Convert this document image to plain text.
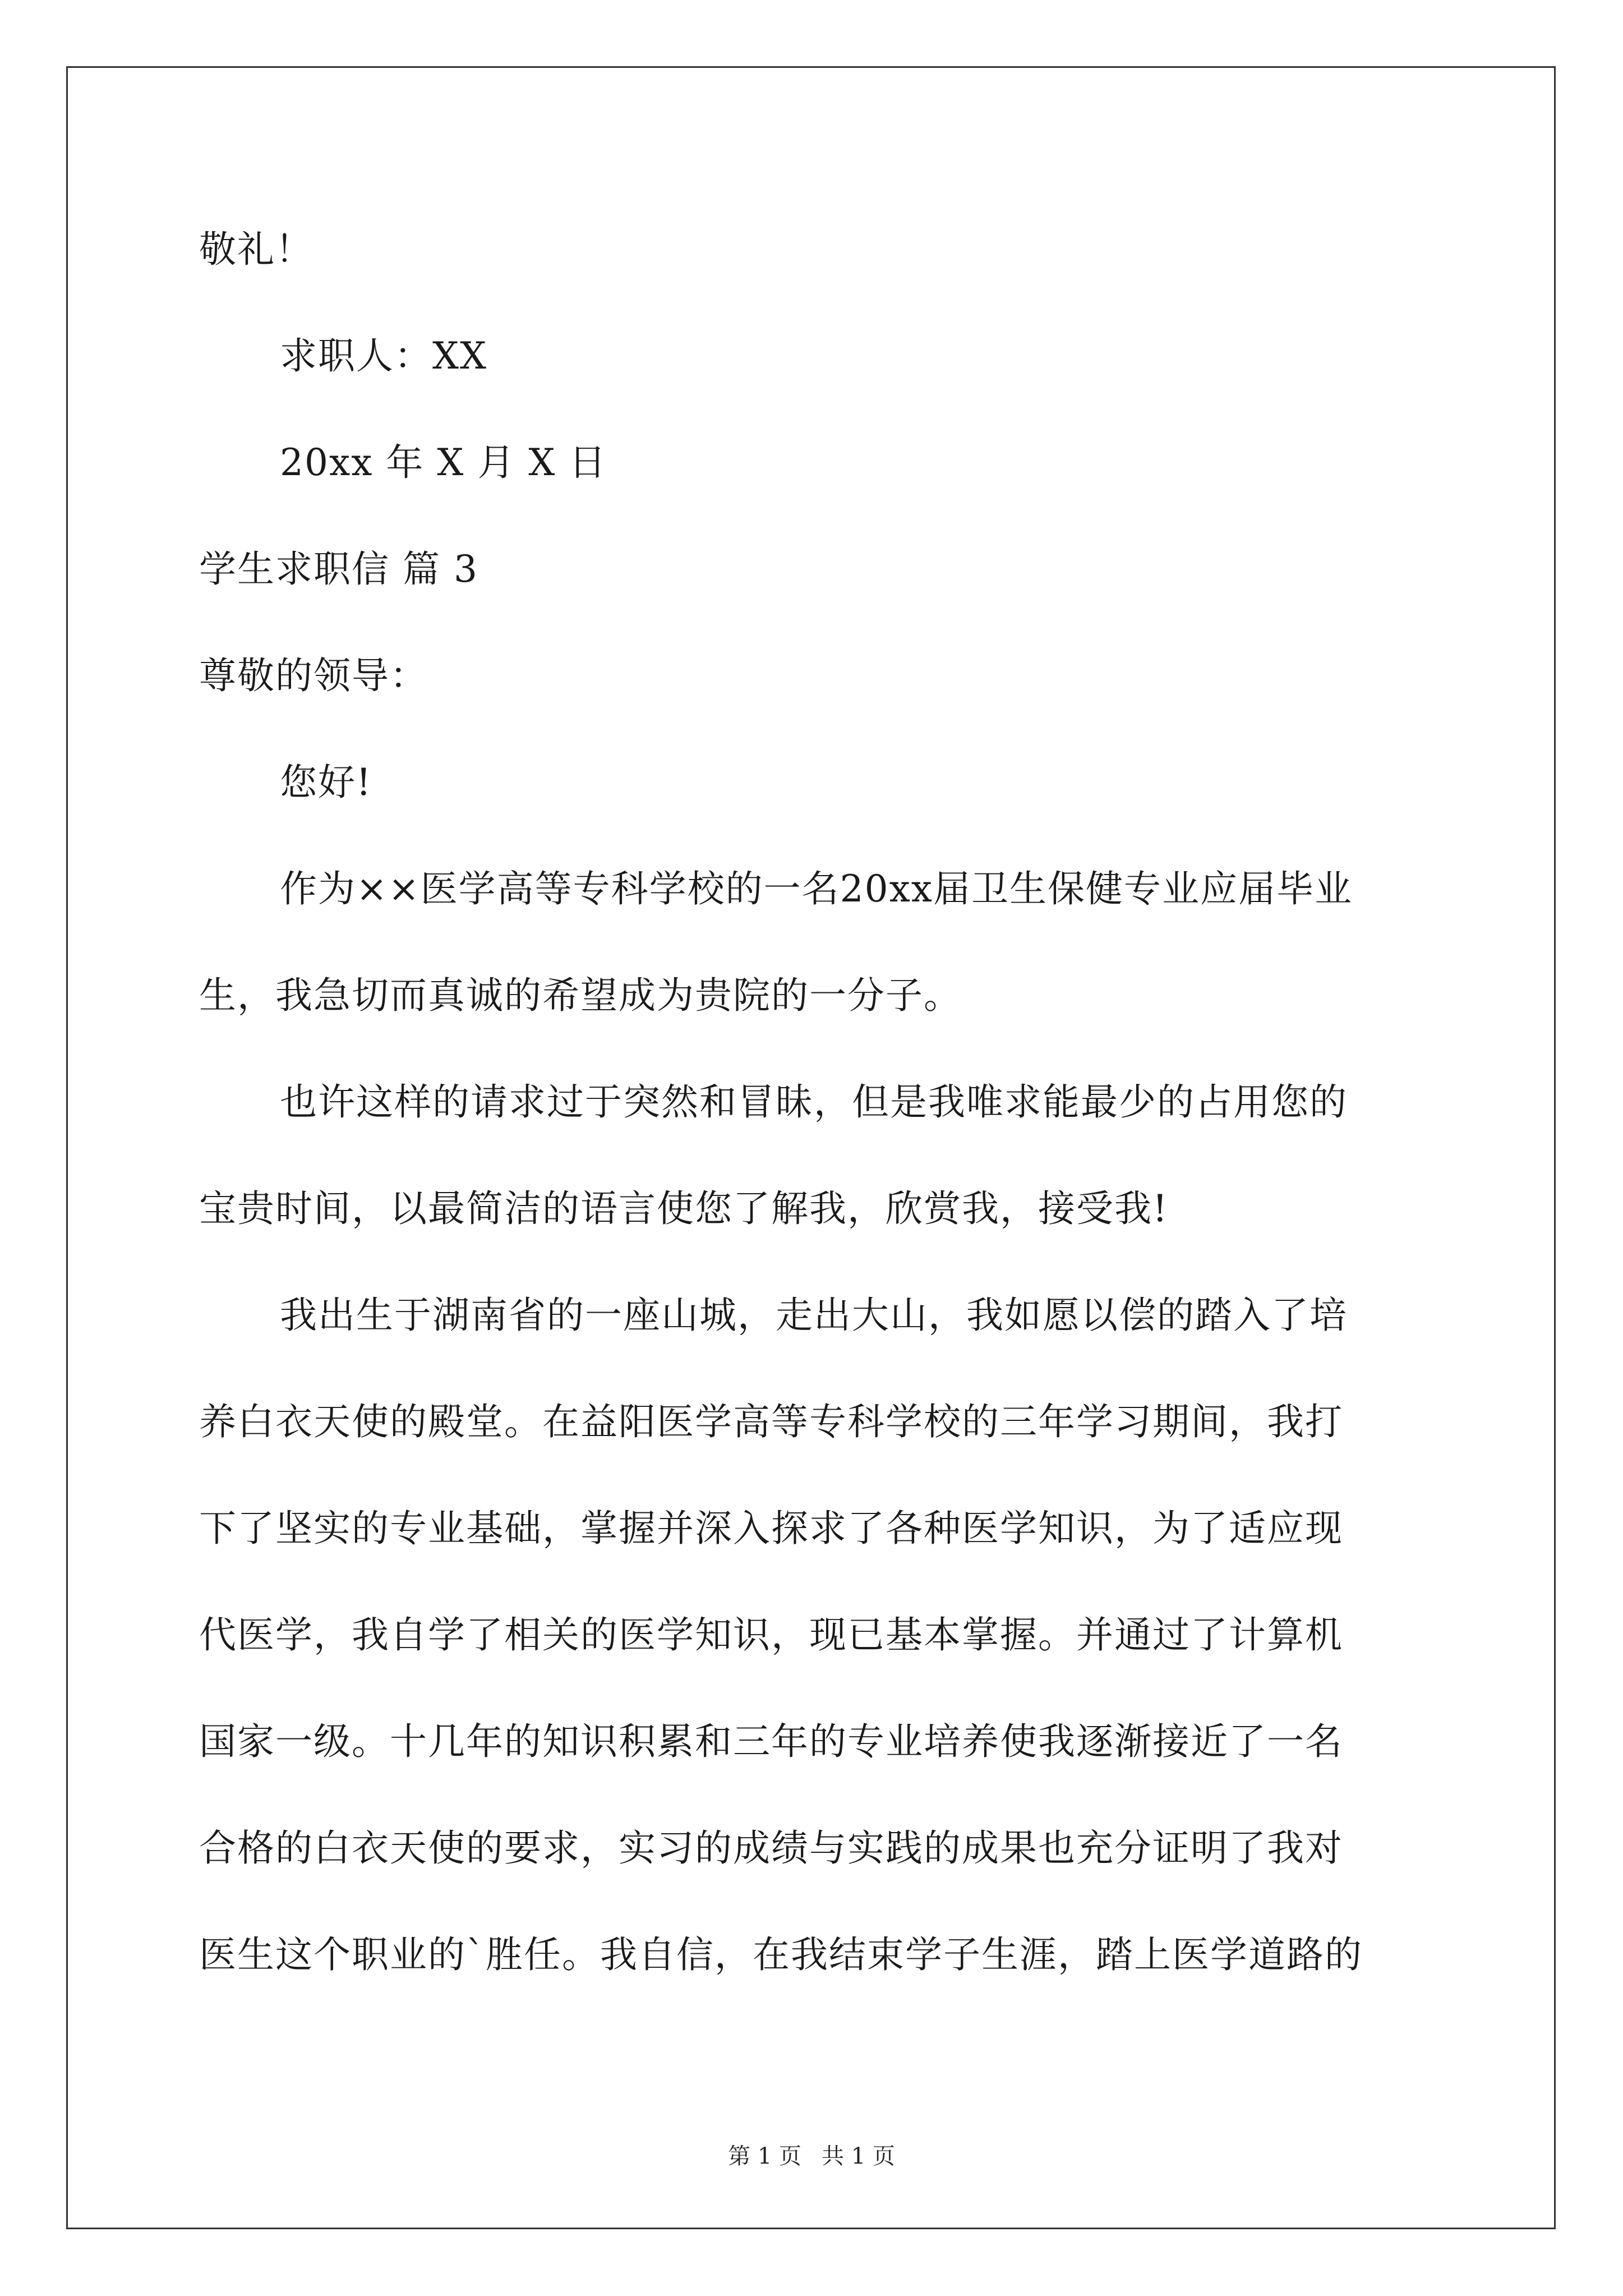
敬礼！
求职人：XX
20xx 年 X 月 X 日
学生求职信 篇 3
尊敬的领导：
您好!
作为××医学高等专科学校的一名20xx届卫生保健专业应届毕业
生，我急切而真诚的希望成为贵院的一分子。
也许这样的请求过于突然和冒昧，但是我唯求能最少的占用您的
宝贵时间，以最简洁的语言使您了解我，欣赏我，接受我!
我出生于湖南省的一座山城，走出大山，我如愿以偿的踏入了培
养白衣天使的殿堂。在益阳医学高等专科学校的三年学习期间，我打
下了坚实的专业基础，掌握并深入探求了各种医学知识，为了适应现
代医学，我自学了相关的医学知识，现已基本掌握。并通过了计算机
国家一级。十几年的知识积累和三年的专业培养使我逐渐接近了一名
合格的白衣天使的要求，实习的成绩与实践的成果也充分证明了我对
医生这个职业的`胜任。我自信，在我结束学子生涯，踏上医学道路的
第 1 页 共 1 页
